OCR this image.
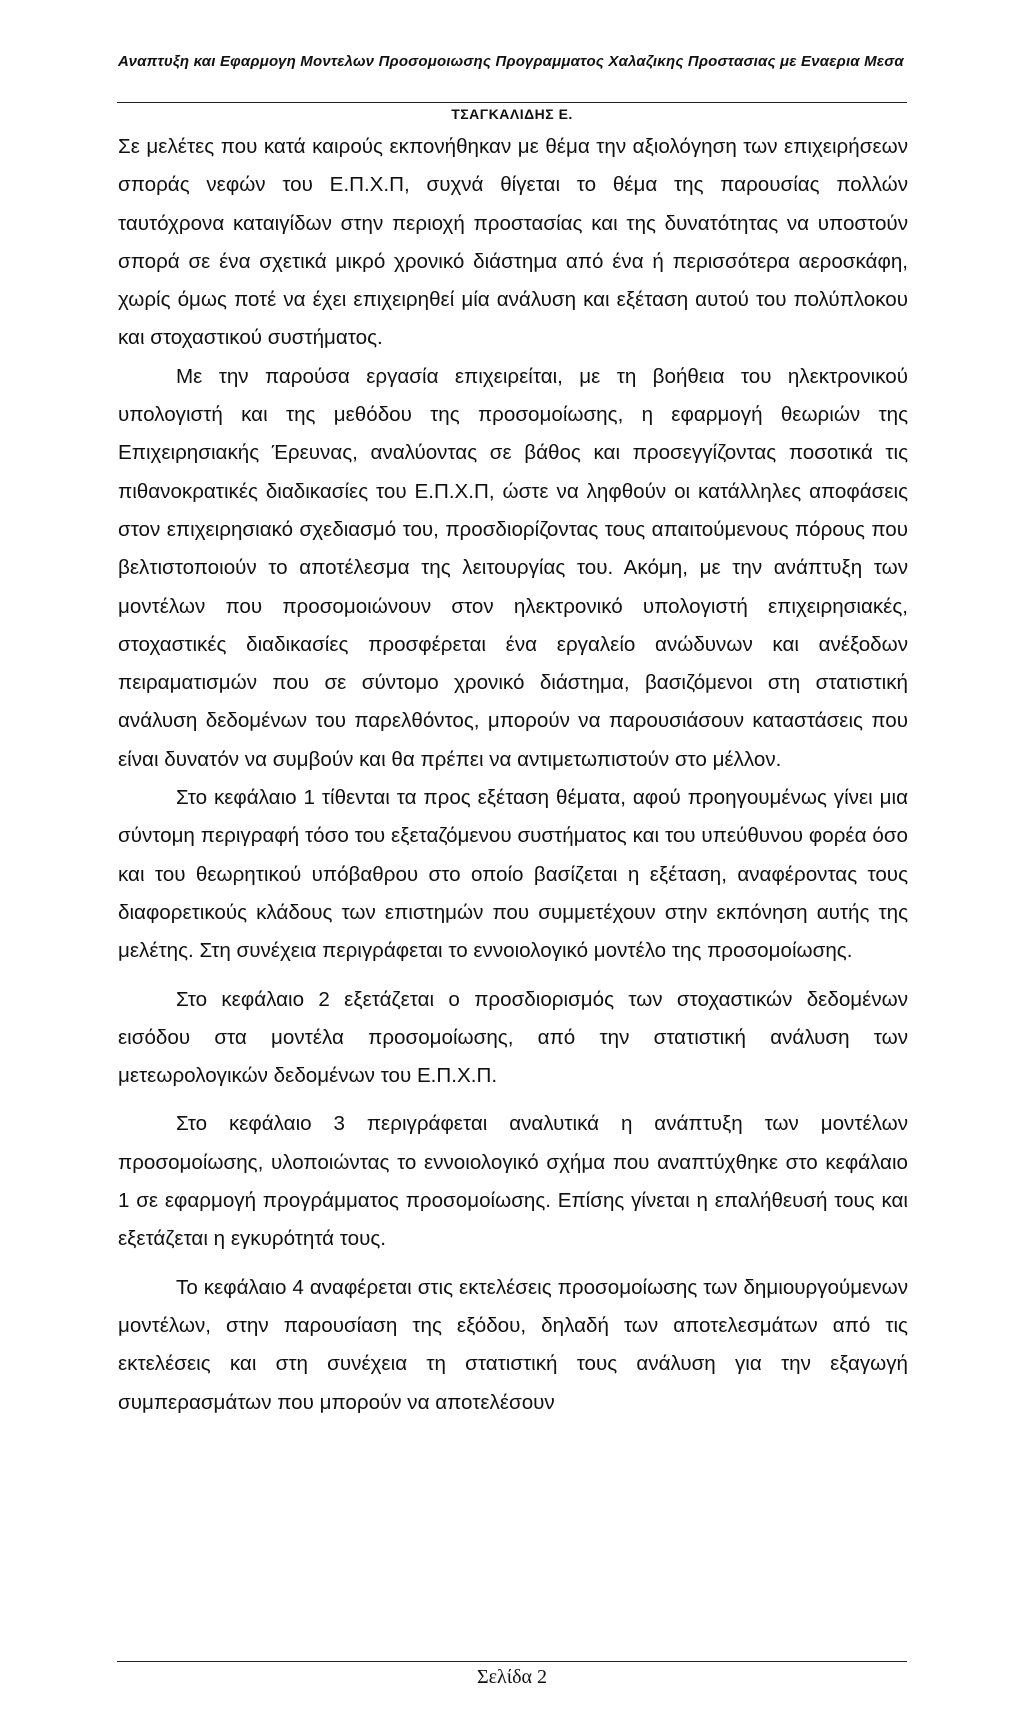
Αναπτυξη και Εφαρμογη Μοντελων Προσομοιωσης Προγραμματος Χαλαζικης Προστασιας με Εναερια Μεσα
ΤΣΑΓΚΑΛΙΔΗΣ Ε.

Σε μελέτες που κατά καιρούς εκπονήθηκαν με θέμα την αξιολόγηση των επιχειρήσεων σποράς νεφών του Ε.Π.Χ.Π, συχνά θίγεται το θέμα της παρουσίας πολλών ταυτόχρονα καταιγίδων στην περιοχή προστασίας και της δυνατότητας να υποστούν σπορά σε ένα σχετικά μικρό χρονικό διάστημα από ένα ή περισσότερα αεροσκάφη, χωρίς όμως ποτέ να έχει επιχειρηθεί μία ανάλυση και εξέταση αυτού του πολύπλοκου και στοχαστικού συστήματος.

Με την παρούσα εργασία επιχειρείται, με τη βοήθεια του ηλεκτρονικού υπολογιστή και της μεθόδου της προσομοίωσης, η εφαρμογή θεωριών της Επιχειρησιακής Έρευνας, αναλύοντας σε βάθος και προσεγγίζοντας ποσοτικά τις πιθανοκρατικές διαδικασίες του Ε.Π.Χ.Π, ώστε να ληφθούν οι κατάλληλες αποφάσεις στον επιχειρησιακό σχεδιασμό του, προσδιορίζοντας τους απαιτούμενους πόρους που βελτιστοποιούν το αποτέλεσμα της λειτουργίας του. Ακόμη, με την ανάπτυξη των μοντέλων που προσομοιώνουν στον ηλεκτρονικό υπολογιστή επιχειρησιακές, στοχαστικές διαδικασίες προσφέρεται ένα εργαλείο ανώδυνων και ανέξοδων πειραματισμών που σε σύντομο χρονικό διάστημα, βασιζόμενοι στη στατιστική ανάλυση δεδομένων του παρελθόντος, μπορούν να παρουσιάσουν καταστάσεις που είναι δυνατόν να συμβούν και θα πρέπει να αντιμετωπιστούν στο μέλλον.

Στο κεφάλαιο 1 τίθενται τα προς εξέταση θέματα, αφού προηγουμένως γίνει μια σύντομη περιγραφή τόσο του εξεταζόμενου συστήματος και του υπεύθυνου φορέα όσο και του θεωρητικού υπόβαθρου στο οποίο βασίζεται η εξέταση, αναφέροντας τους διαφορετικούς κλάδους των επιστημών που συμμετέχουν στην εκπόνηση αυτής της μελέτης. Στη συνέχεια περιγράφεται το εννοιολογικό μοντέλο της προσομοίωσης.

Στο κεφάλαιο 2 εξετάζεται ο προσδιορισμός των στοχαστικών δεδομένων εισόδου στα μοντέλα προσομοίωσης, από την στατιστική ανάλυση των μετεωρολογικών δεδομένων του Ε.Π.Χ.Π.

Στο κεφάλαιο 3 περιγράφεται αναλυτικά η ανάπτυξη των μοντέλων προσομοίωσης, υλοποιώντας το εννοιολογικό σχήμα που αναπτύχθηκε στο κεφάλαιο 1 σε εφαρμογή προγράμματος προσομοίωσης. Επίσης γίνεται η επαλήθευσή τους και εξετάζεται η εγκυρότητά τους.

Το κεφάλαιο 4 αναφέρεται στις εκτελέσεις προσομοίωσης των δημιουργούμενων μοντέλων, στην παρουσίαση της εξόδου, δηλαδή των αποτελεσμάτων από τις εκτελέσεις και στη συνέχεια τη στατιστική τους ανάλυση για την εξαγωγή συμπερασμάτων που μπορούν να αποτελέσουν

Σελίδα 2
